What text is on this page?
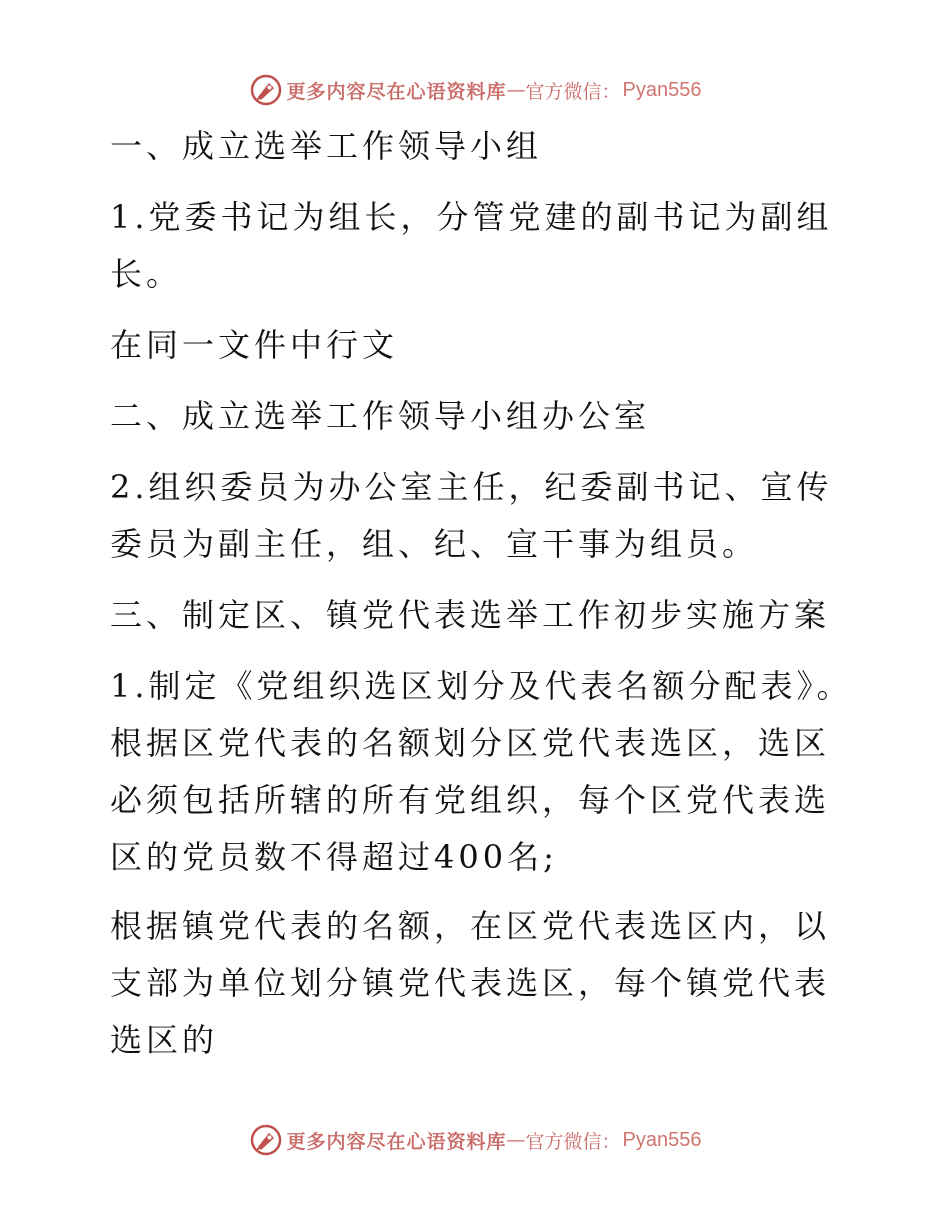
更多内容尽在心语资料库 — 官方微信： Pyan556

一、成立选举工作领导小组

1.党委书记为组长，分管党建的副书记为副组长。

在同一文件中行文

二、成立选举工作领导小组办公室

2.组织委员为办公室主任，纪委副书记、宣传委员为副主任，组、纪、宣干事为组员。

三、制定区、镇党代表选举工作初步实施方案

1.制定《党组织选区划分及代表名额分配表》。根据区党代表的名额划分区党代表选区，选区必须包括所辖的所有党组织，每个区党代表选区的党员数不得超过400名;

根据镇党代表的名额，在区党代表选区内，以支部为单位划分镇党代表选区，每个镇党代表选区的

更多内容尽在心语资料库 — 官方微信： Pyan556
